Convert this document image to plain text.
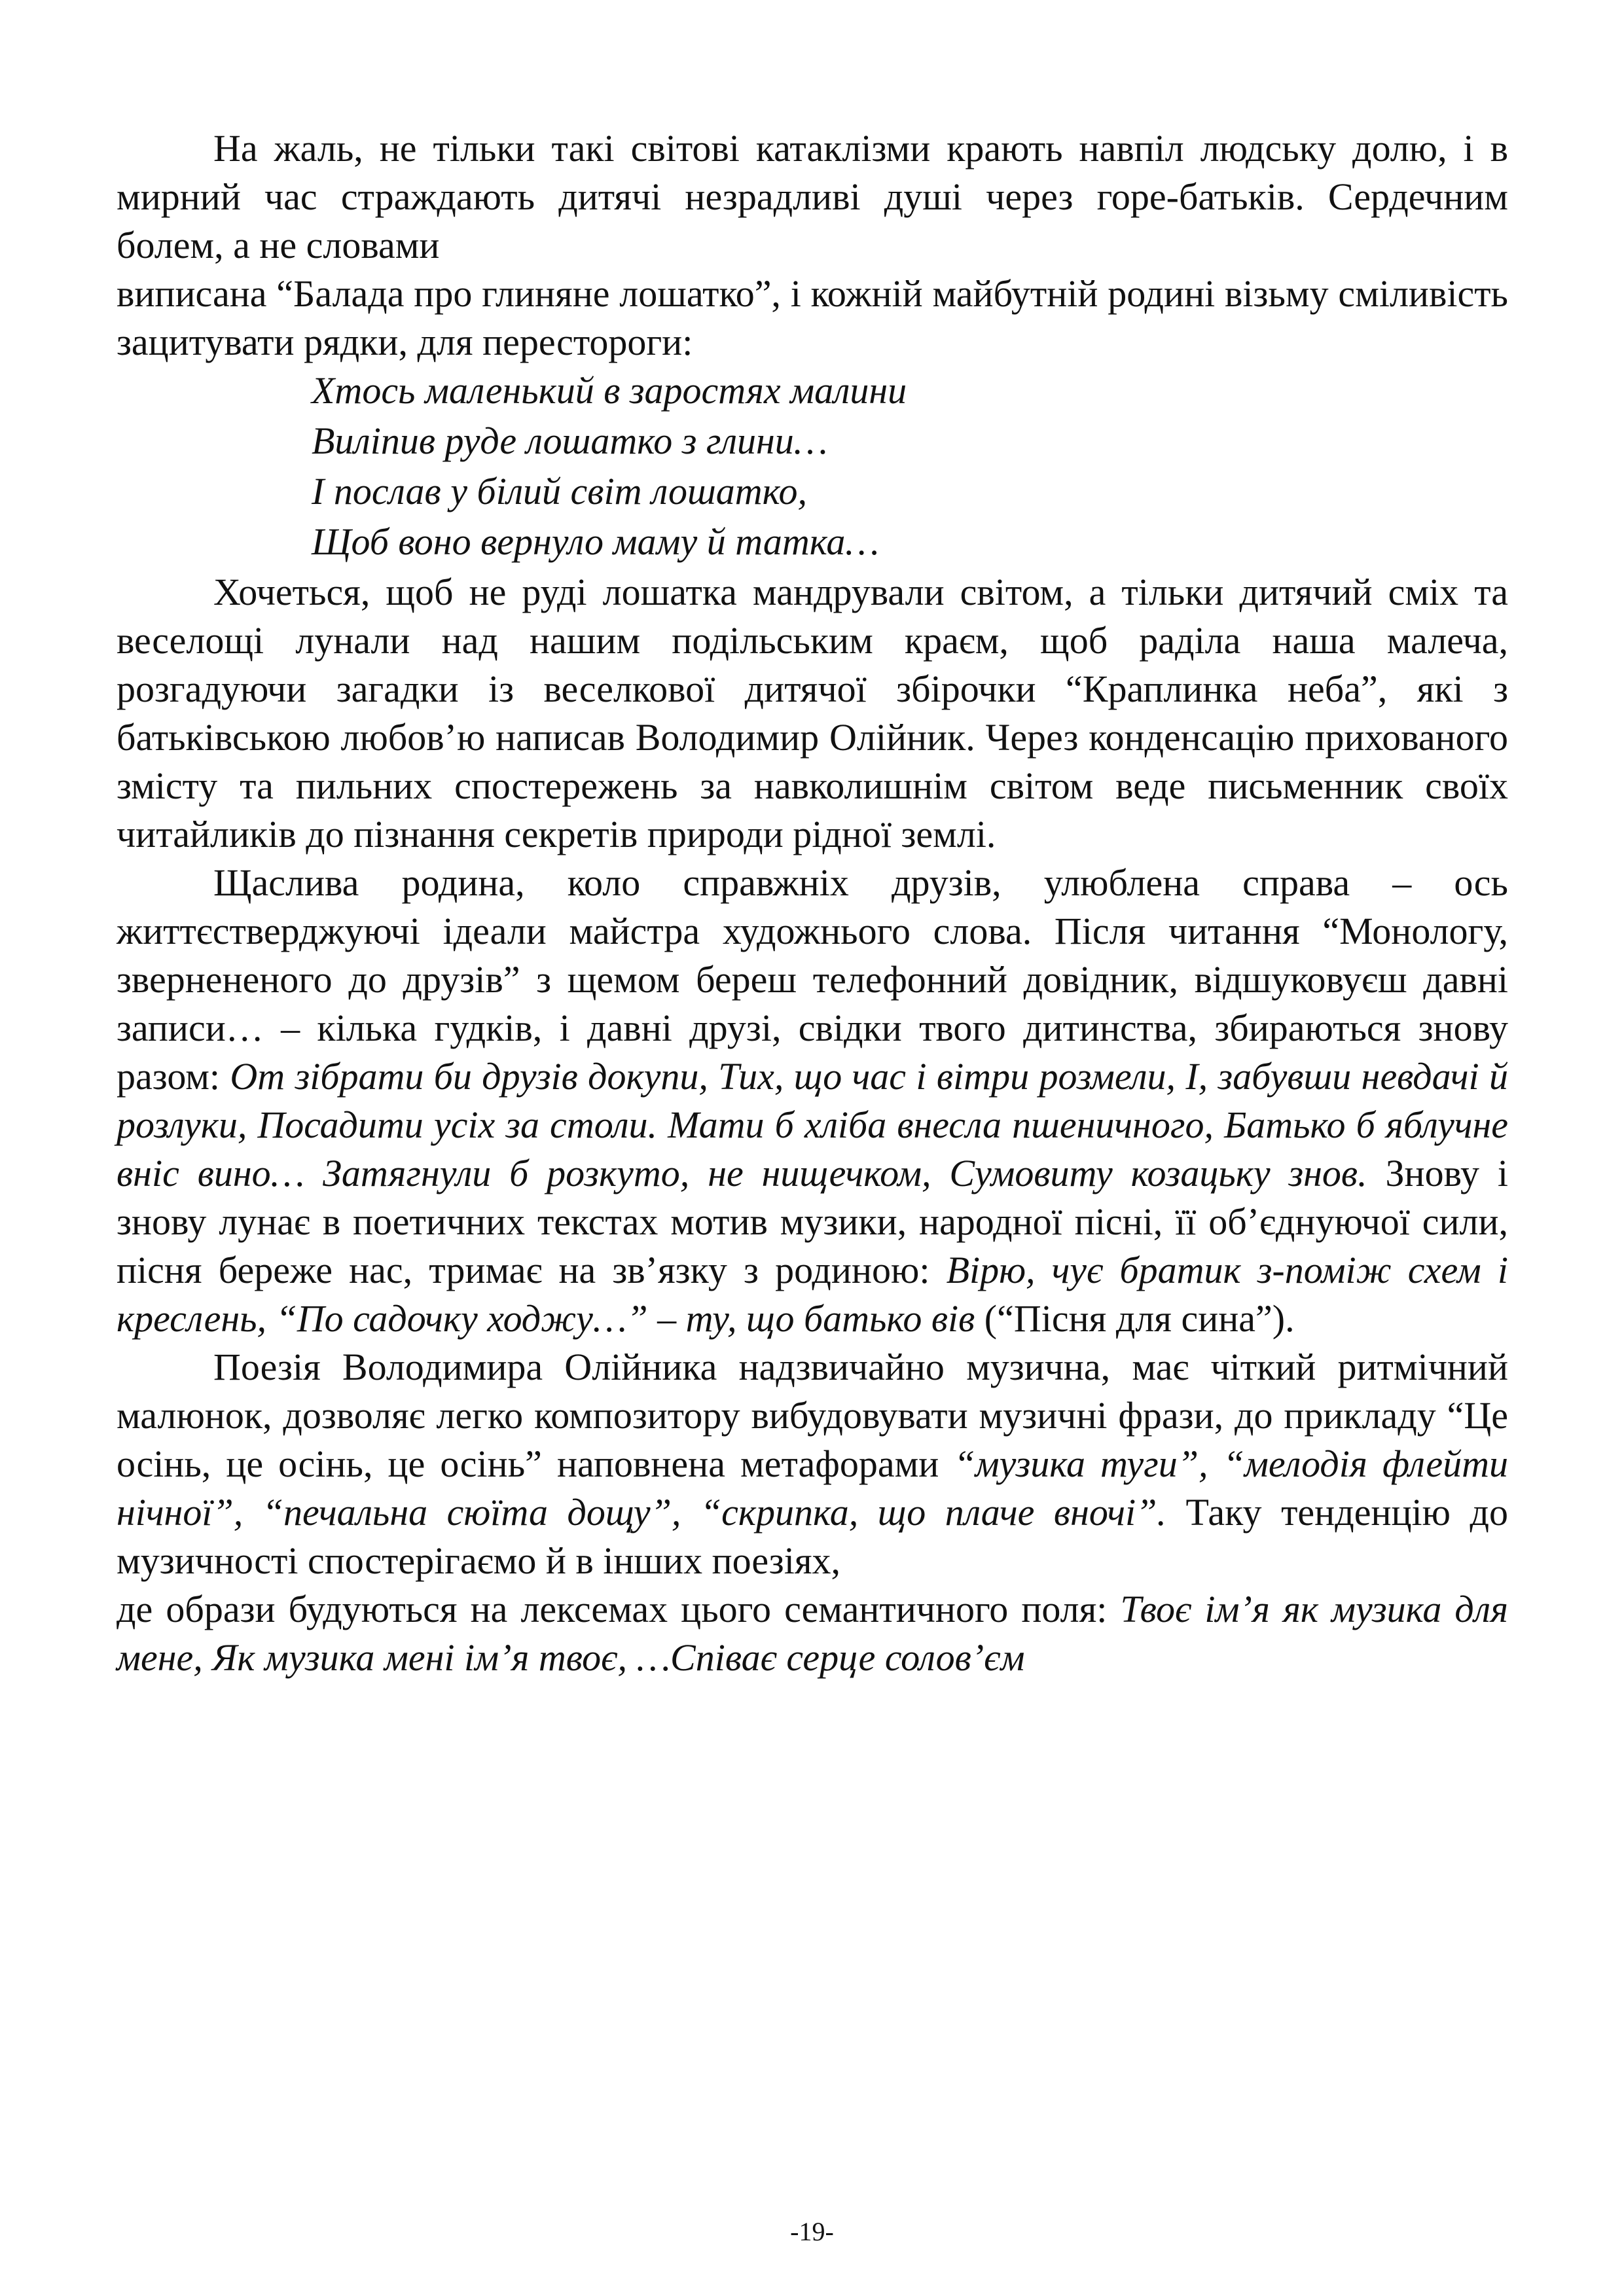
На жаль, не тільки такі світові катаклізми крають навпіл людську долю, і в мирний час страждають дитячі незрадливі душі через горе-батьків. Сердечним болем, а не словами

виписана “Балада про глиняне лошатко”, і кожній майбутній родині візьму сміливість зацитувати рядки, для перестороги:
Хтось маленький в заростях малини
Виліпив руде лошатко з глини…
І послав у білий світ лошатко,
Щоб воно вернуло маму й татка…

Хочеться, щоб не руді лошатка мандрували світом, а тільки дитячий сміх та веселощі лунали над нашим подільським краєм, щоб раділа наша малеча, розгадуючи загадки із веселкової дитячої збірочки “Краплинка неба”, які з батьківською любов’ю написав Володимир Олійник. Через конденсацію прихованого змісту та пильних спостережень за навколишнім світом веде письменник своїх читайликів до пізнання секретів природи рідної землі.

Щаслива родина, коло справжніх друзів, улюблена справа – ось життєстверджуючі ідеали майстра художнього слова. Після читання “Монологу, звернененого до друзів” з щемом береш телефонний довідник, відшуковуєш давні записи… – кілька гудків, і давні друзі, свідки твого дитинства, збираються знову разом: От зібрати би друзів докупи, Тих, що час і вітри розмели, І, забувши невдачі й розлуки, Посадити усіх за столи. Мати б хліба внесла пшеничного, Батько б яблучне вніс вино… Затягнули б розкуто, не нищечком, Сумовиту козацьку знов. Знову і знову лунає в поетичних текстах мотив музики, народної пісні, її об’єднуючої сили, пісня береже нас, тримає на зв’язку з родиною: Вірю, чує братик з-поміж схем і креслень, “По садочку ходжу…” – ту, що батько вів (“Пісня для сина”).

Поезія Володимира Олійника надзвичайно музична, має чіткий ритмічний малюнок, дозволяє легко композитору вибудовувати музичні фрази, до прикладу “Це осінь, це осінь, це осінь” наповнена метафорами “музика туги”, “мелодія флейти нічної”, “печальна сюїта дощу”, “скрипка, що плаче вночі”. Таку тенденцію до музичності спостерігаємо й в інших поезіях,

де образи будуються на лексемах цього семантичного поля: Твоє ім’я як музика для мене, Як музика мені ім’я твоє, …Співає серце солов’єм

-19-
